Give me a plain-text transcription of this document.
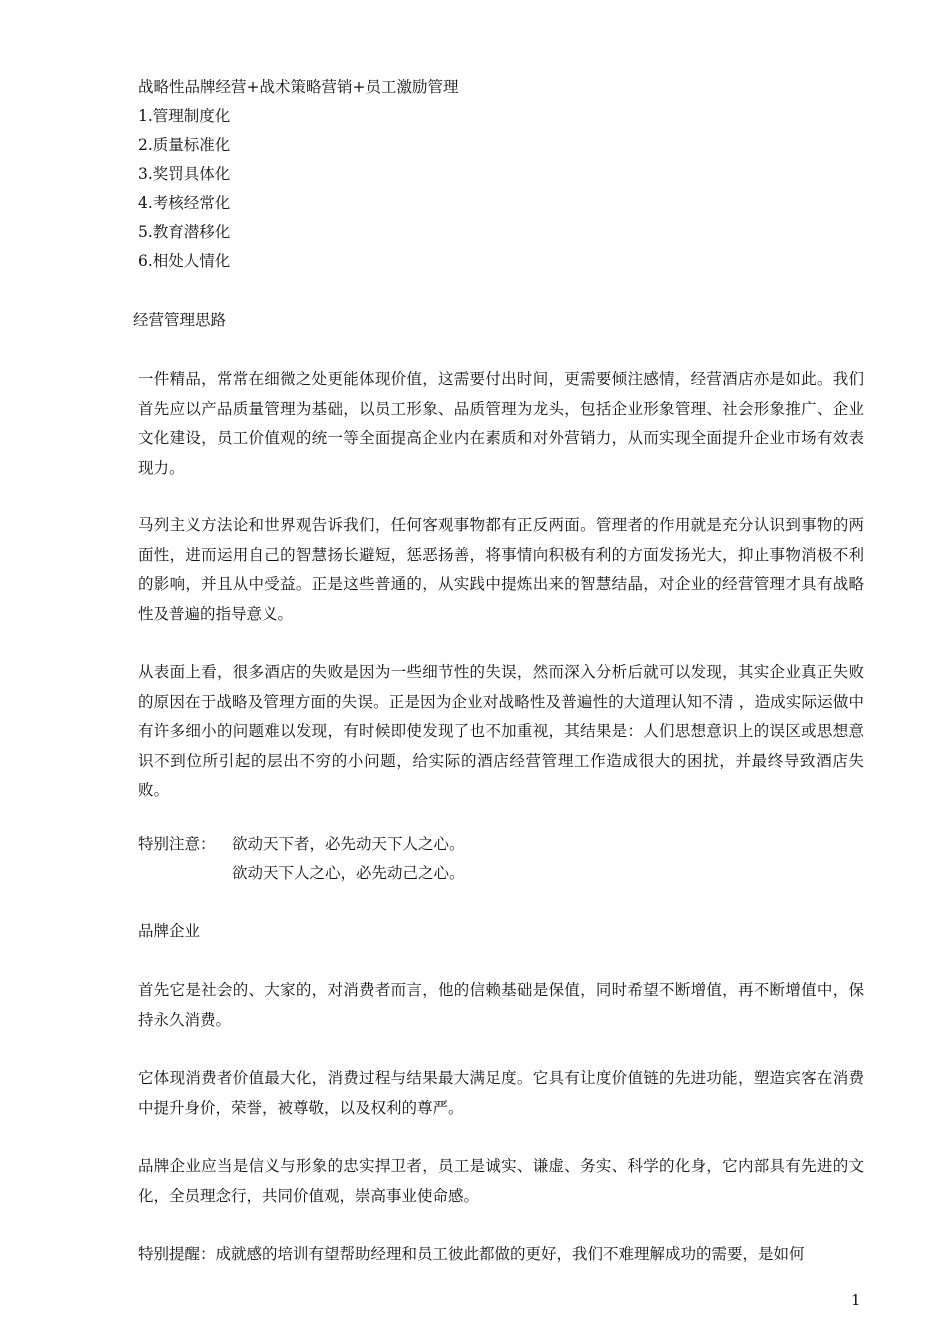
战略性品牌经营+战术策略营销+员工激励管理
1.管理制度化
2.质量标准化
3.奖罚具体化
4.考核经常化
5.教育潜移化
6.相处人情化
经营管理思路
一件精品，常常在细微之处更能体现价值，这需要付出时间，更需要倾注感情，经营酒店亦是如此。我们首先应以产品质量管理为基础，以员工形象、品质管理为龙头，包括企业形象管理、社会形象推广、企业文化建设，员工价值观的统一等全面提高企业内在素质和对外营销力，从而实现全面提升企业市场有效表现力。
马列主义方法论和世界观告诉我们，任何客观事物都有正反两面。管理者的作用就是充分认识到事物的两面性，进而运用自己的智慧扬长避短，惩恶扬善，将事情向积极有利的方面发扬光大，抑止事物消极不利的影响，并且从中受益。正是这些普通的，从实践中提炼出来的智慧结晶，对企业的经营管理才具有战略性及普遍的指导意义。
从表面上看，很多酒店的失败是因为一些细节性的失误，然而深入分析后就可以发现，其实企业真正失败的原因在于战略及管理方面的失误。正是因为企业对战略性及普遍性的大道理认知不清 ，造成实际运做中有许多细小的问题难以发现，有时候即使发现了也不加重视，其结果是：人们思想意识上的误区或思想意识不到位所引起的层出不穷的小问题，给实际的酒店经营管理工作造成很大的困扰，并最终导致酒店失败。
特别注意： 欲动天下者，必先动天下人之心。
欲动天下人之心，必先动己之心。
品牌企业
首先它是社会的、大家的，对消费者而言，他的信赖基础是保值，同时希望不断增值，再不断增值中，保持永久消费。
它体现消费者价值最大化，消费过程与结果最大满足度。它具有让度价值链的先进功能，塑造宾客在消费中提升身价，荣誉，被尊敬，以及权利的尊严。
品牌企业应当是信义与形象的忠实捍卫者，员工是诚实、谦虚、务实、科学的化身，它内部具有先进的文化，全员理念行，共同价值观，崇高事业使命感。
特别提醒：成就感的培训有望帮助经理和员工彼此都做的更好，我们不难理解成功的需要，是如何
1
